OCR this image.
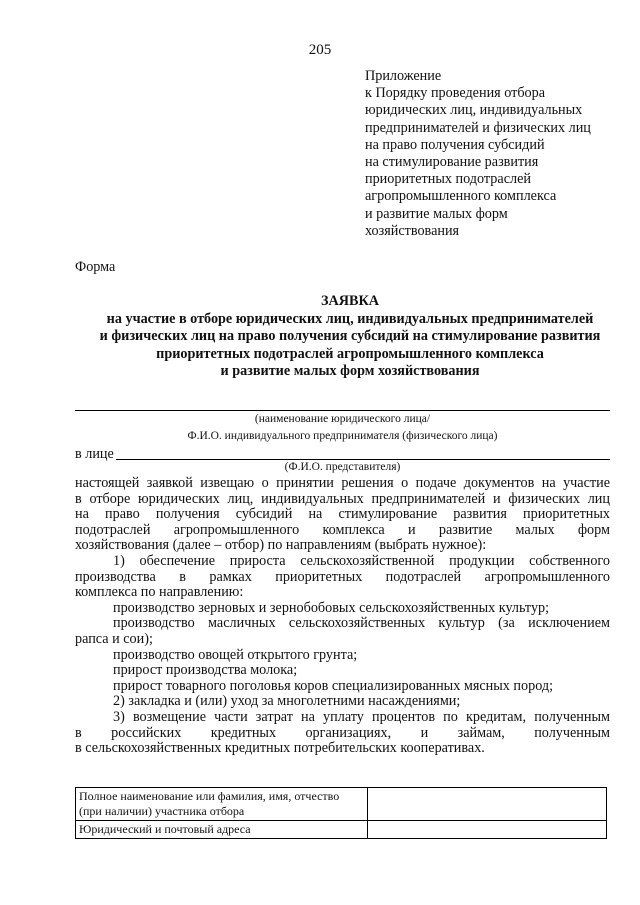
205
Приложение
к Порядку проведения отбора
юридических лиц, индивидуальных
предпринимателей и физических лиц
на право получения субсидий
на стимулирование развития
приоритетных подотраслей
агропромышленного комплекса
и развитие малых форм
хозяйствования
Форма
ЗАЯВКА
на участие в отборе юридических лиц, индивидуальных предпринимателей
и физических лиц на право получения субсидий на стимулирование развития
приоритетных подотраслей агропромышленного комплекса
и развитие малых форм хозяйствования
(наименование юридического лица/
Ф.И.О. индивидуального предпринимателя (физического лица)
в лице
(Ф.И.О. представителя)

настоящей заявкой извещаю о принятии решения о подаче документов на участие

в отборе юридических лиц, индивидуальных предпринимателей и физических лиц

на право получения субсидий на стимулирование развития приоритетных

подотраслей агропромышленного комплекса и развитие малых форм

хозяйствования (далее – отбор) по направлениям (выбрать нужное):

1) обеспечение прироста сельскохозяйственной продукции собственного

производства в рамках приоритетных подотраслей агропромышленного

комплекса по направлению:

производство зерновых и зернобобовых сельскохозяйственных культур;

производство масличных сельскохозяйственных культур (за исключением

рапса и сои);

производство овощей открытого грунта;

прирост производства молока;

прирост товарного поголовья коров специализированных мясных пород;

2) закладка и (или) уход за многолетними насаждениями;

3) возмещение части затрат на уплату процентов по кредитам, полученным

в российских кредитных организациях, и займам, полученным

в сельскохозяйственных кредитных потребительских кооперативах.

Полное наименование или фамилия, имя, отчество (при наличии) участника отбора	
Юридический и почтовый адреса	
